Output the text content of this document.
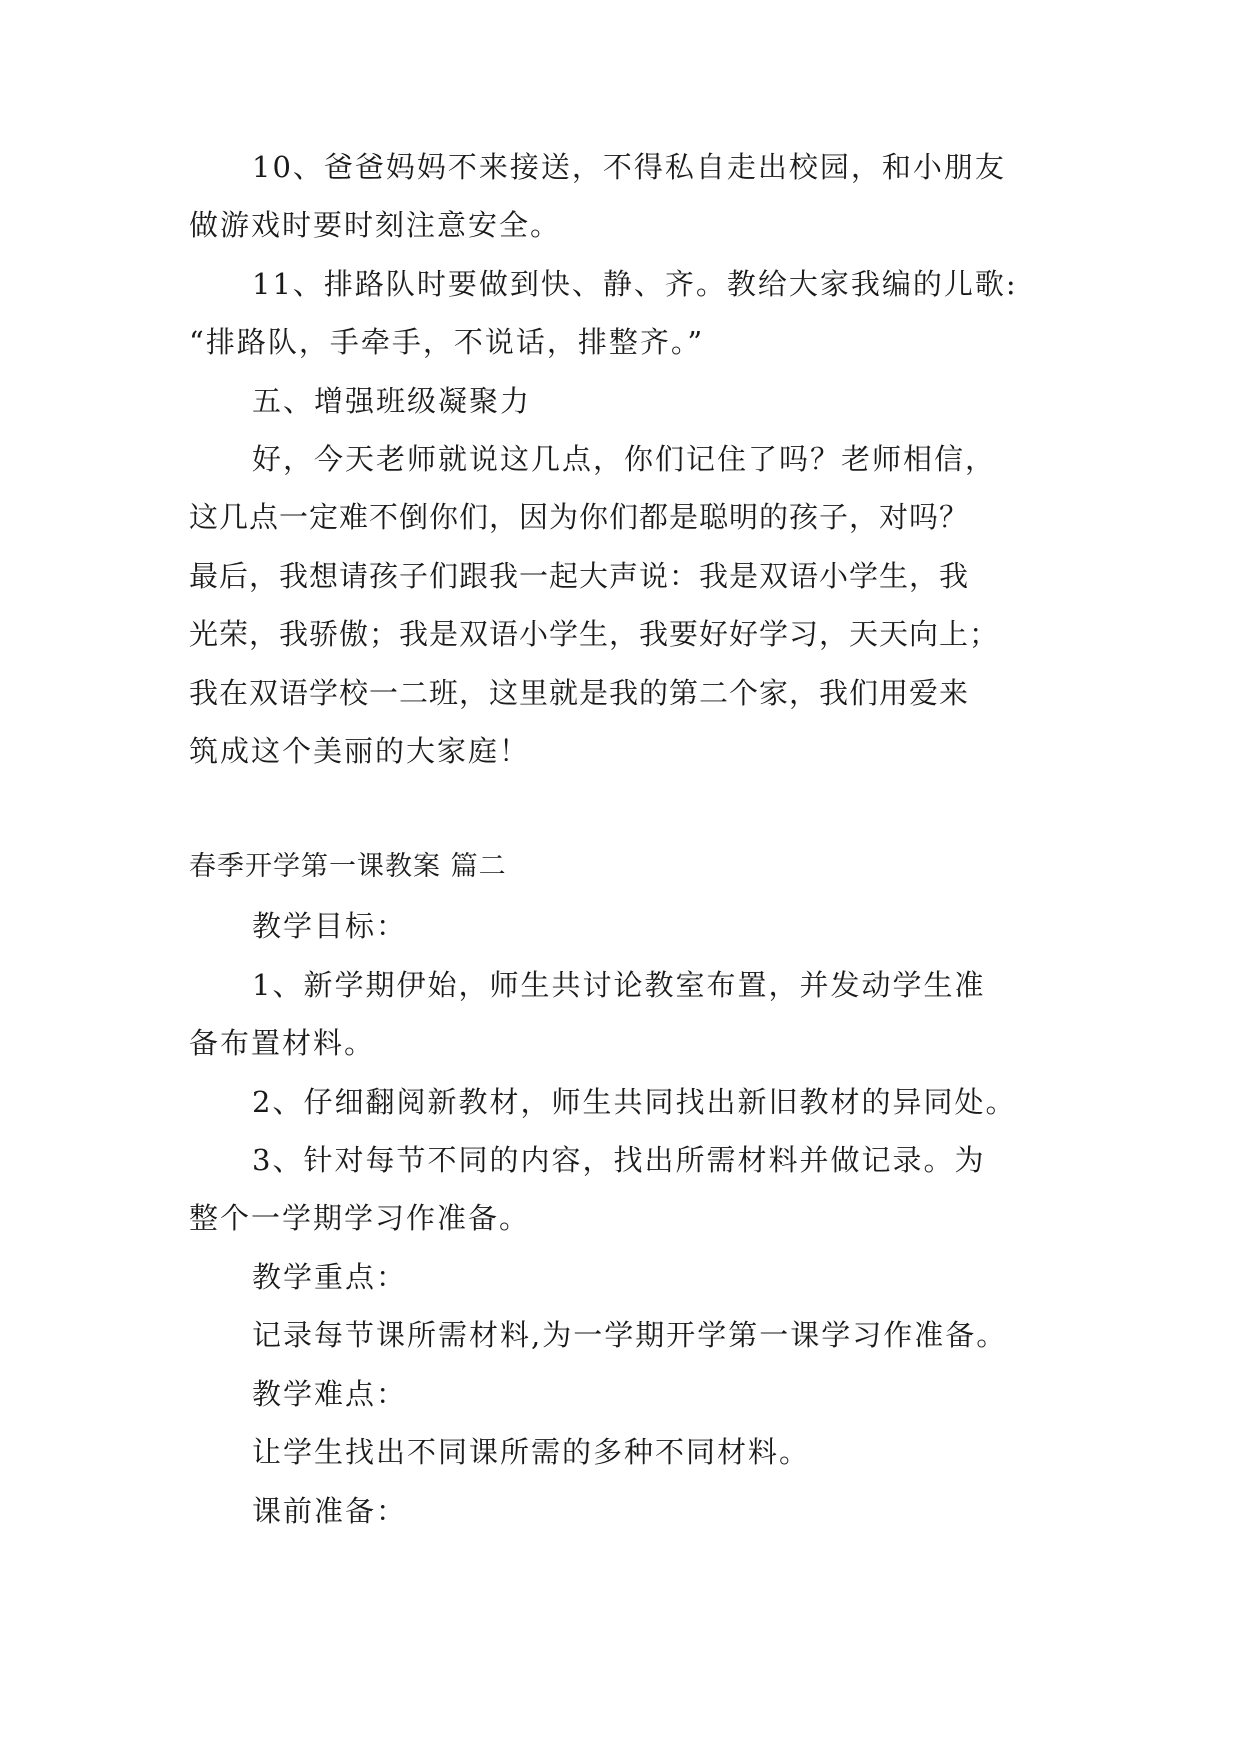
10、爸爸妈妈不来接送，不得私自走出校园，和小朋友
做游戏时要时刻注意安全。
11、排路队时要做到快、静、齐。教给大家我编的儿歌:
“排路队，手牵手，不说话，排整齐。”
五、增强班级凝聚力
好，今天老师就说这几点，你们记住了吗？老师相信，
这几点一定难不倒你们，因为你们都是聪明的孩子，对吗？
最后，我想请孩子们跟我一起大声说：我是双语小学生，我
光荣，我骄傲；我是双语小学生，我要好好学习，天天向上；
我在双语学校一二班，这里就是我的第二个家，我们用爱来
筑成这个美丽的大家庭！
春季开学第一课教案 篇二
教学目标：
1、新学期伊始，师生共讨论教室布置，并发动学生准
备布置材料。
2、仔细翻阅新教材，师生共同找出新旧教材的异同处。
3、针对每节不同的内容，找出所需材料并做记录。为
整个一学期学习作准备。
教学重点：
记录每节课所需材料,为一学期开学第一课学习作准备。
教学难点：
让学生找出不同课所需的多种不同材料。
课前准备：
